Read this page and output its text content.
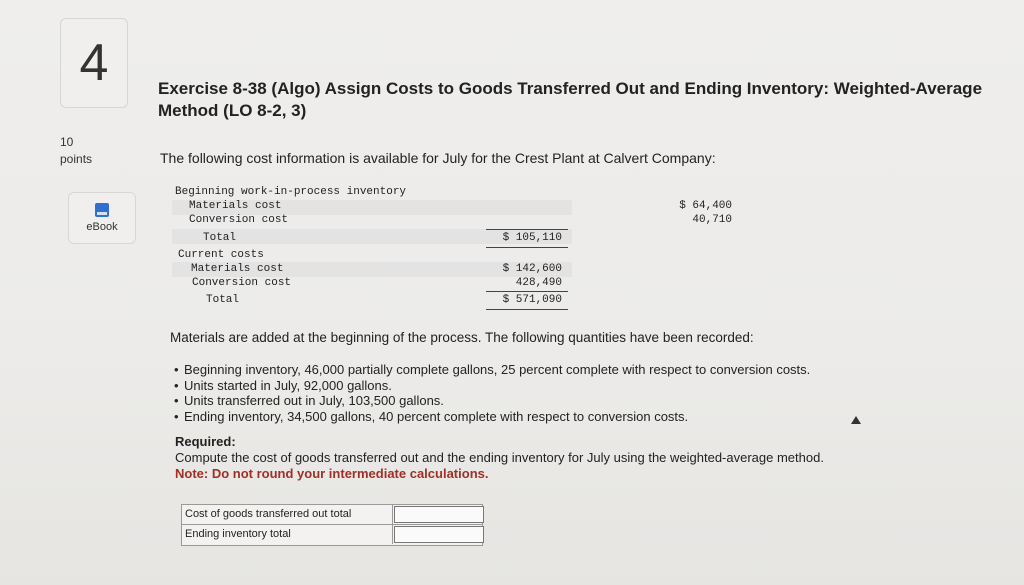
4
10
points
eBook
Exercise 8-38 (Algo) Assign Costs to Goods Transferred Out and Ending Inventory: Weighted-Average Method (LO 8-2, 3)
The following cost information is available for July for the Crest Plant at Calvert Company:
Beginning work-in-process inventory
Materials cost	$ 64,400
Conversion cost	40,710
Total	$ 105,110
Current costs
Materials cost	$ 142,600
Conversion cost	428,490
Total	$ 571,090
Materials are added at the beginning of the process. The following quantities have been recorded:
• Beginning inventory, 46,000 partially complete gallons, 25 percent complete with respect to conversion costs.
• Units started in July, 92,000 gallons.
• Units transferred out in July, 103,500 gallons.
• Ending inventory, 34,500 gallons, 40 percent complete with respect to conversion costs.
Required:
Compute the cost of goods transferred out and the ending inventory for July using the weighted-average method.
Note: Do not round your intermediate calculations.
Cost of goods transferred out total
Ending inventory total
